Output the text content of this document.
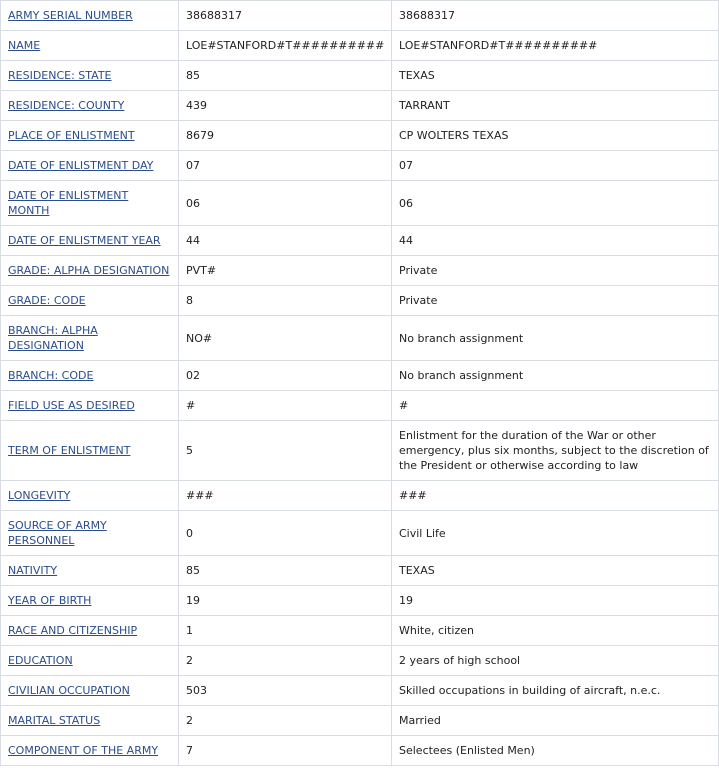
ARMY SERIAL NUMBER	38688317	38688317
NAME	LOE#STANFORD#T##########	LOE#STANFORD#T##########
RESIDENCE: STATE	85	TEXAS
RESIDENCE: COUNTY	439	TARRANT
PLACE OF ENLISTMENT	8679	CP WOLTERS TEXAS
DATE OF ENLISTMENT DAY	07	07
DATE OF ENLISTMENT MONTH	06	06
DATE OF ENLISTMENT YEAR	44	44
GRADE: ALPHA DESIGNATION	PVT#	Private
GRADE: CODE	8	Private
BRANCH: ALPHA DESIGNATION	NO#	No branch assignment
BRANCH: CODE	02	No branch assignment
FIELD USE AS DESIRED	#	#
TERM OF ENLISTMENT	5	Enlistment for the duration of the War or other emergency, plus six months, subject to the discretion of the President or otherwise according to law
LONGEVITY	###	###
SOURCE OF ARMY PERSONNEL	0	Civil Life
NATIVITY	85	TEXAS
YEAR OF BIRTH	19	19
RACE AND CITIZENSHIP	1	White, citizen
EDUCATION	2	2 years of high school
CIVILIAN OCCUPATION	503	Skilled occupations in building of aircraft, n.e.c.
MARITAL STATUS	2	Married
COMPONENT OF THE ARMY	7	Selectees (Enlisted Men)
